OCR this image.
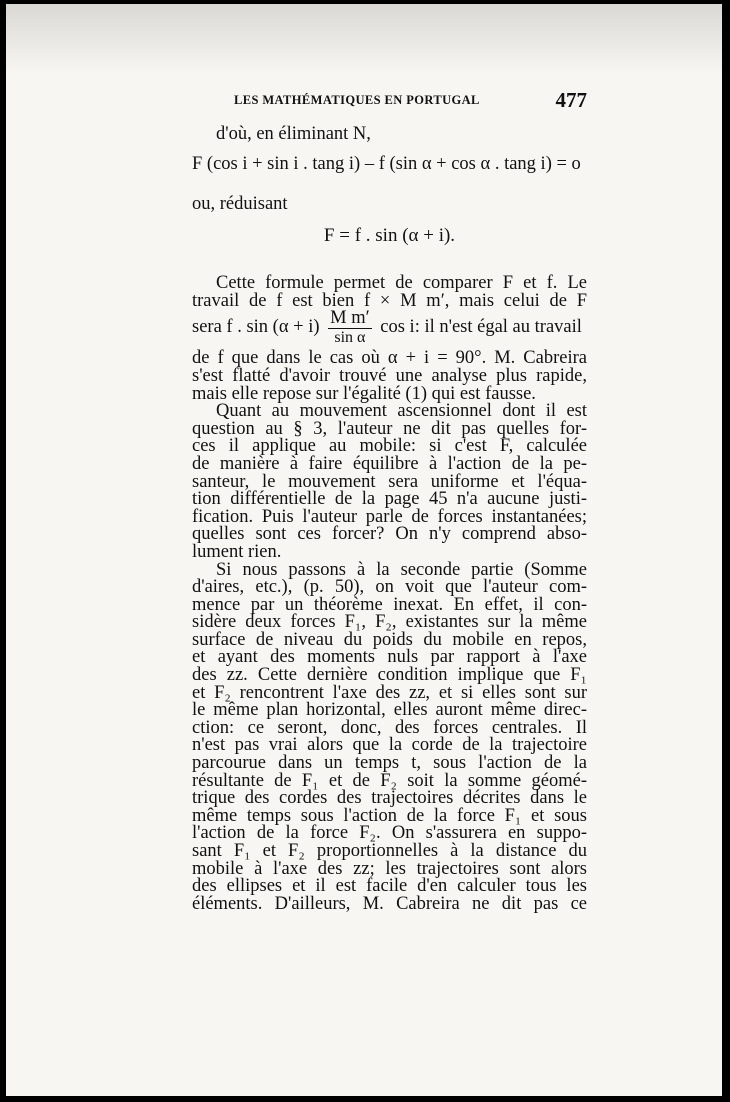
LES MATHÉMATIQUES EN PORTUGAL	477
d'où, en éliminant N,
F (cos i + sin i . tang i) – f (sin α + cos α . tang i) = o
ou, réduisant
F = f . sin (α + i).
Cette formule permet de comparer F et f. Le
travail de f est bien f × M m′, mais celui de F
sera f . $\sin (\alpha + i) \frac{\text{M m′}}{\text{sin α}}$ cos i: il n'est égal au travail
de f que dans le cas où α + i = 90°. M. Cabreira
s'est flatté d'avoir trouvé une analyse plus rapide,
mais elle repose sur l'égalité (1) qui est fausse.
Quant au mouvement ascensionnel dont il est
question au § 3, l'auteur ne dit pas quelles for-
ces il applique au mobile: si c'est F, calculée
de manière à faire équilibre à l'action de la pe-
santeur, le mouvement sera uniforme et l'équa-
tion différentielle de la page 45 n'a aucune justi-
fication. Puis l'auteur parle de forces instantanées;
quelles sont ces forcer? On n'y comprend abso-
lument rien.
Si nous passons à la seconde partie (Somme
d'aires, etc.), (p. 50), on voit que l'auteur com-
mence par un théorème inexat. En effet, il con-
sidère deux forces F₁, F₂, existantes sur la même
surface de niveau du poids du mobile en repos,
et ayant des moments nuls par rapport à l'axe
des zz. Cette dernière condition implique que F₁
et F₂ rencontrent l'axe des zz, et si elles sont sur
le même plan horizontal, elles auront même direc-
ction: ce seront, donc, des forces centrales. Il
n'est pas vrai alors que la corde de la trajectoire
parcourue dans un temps t, sous l'action de la
résultante de F₁ et de F₂ soit la somme géomé-
trique des cordes des trajectoires décrites dans le
même temps sous l'action de la force F₁ et sous
l'action de la force F₂. On s'assurera en suppo-
sant F₁ et F₂ proportionnelles à la distance du
mobile à l'axe des zz; les trajectoires sont alors
des ellipses et il est facile d'en calculer tous les
éléments. D'ailleurs, M. Cabreira ne dit pas ce
